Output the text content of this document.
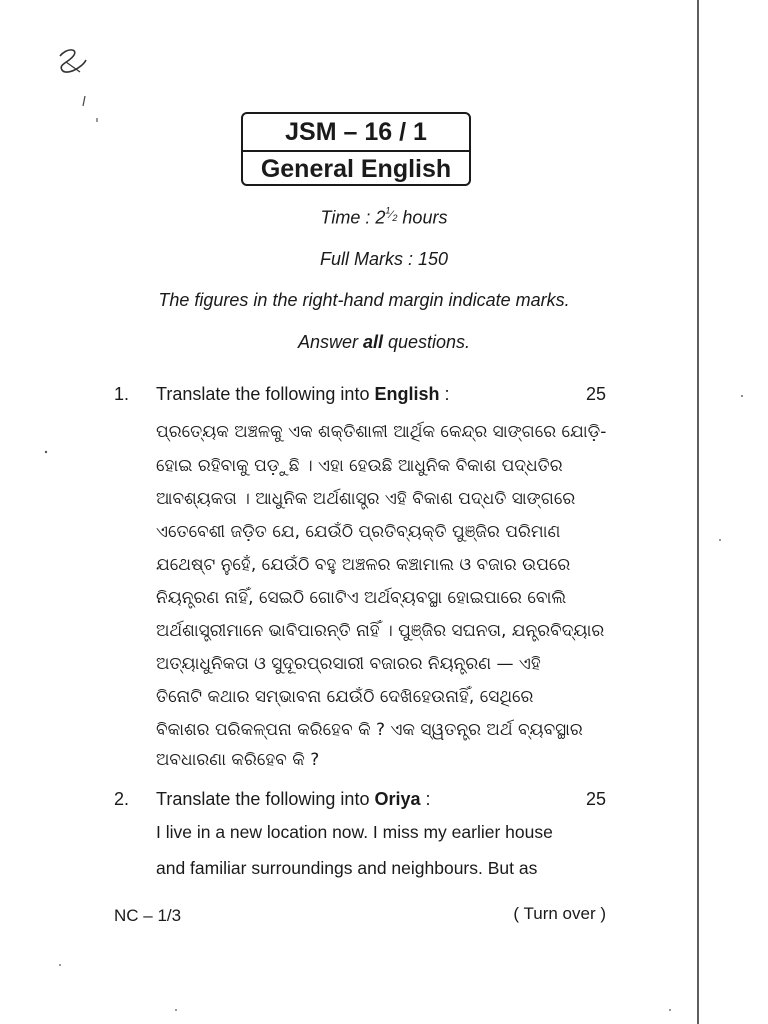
JSM – 16 / 1
General English
Time : $2^{^1⁄_2}$ hours
Full Marks : 150
The figures in the right-hand margin indicate marks.
Answer all questions.
1. Translate the following into English :	25
ପ୍ରତ୍ୟେକ ଅଞ୍ଚଳକୁ ଏକ ଶକ୍ତିଶାଳୀ ଆର୍ଥିକ କେନ୍ଦ୍ର ସାଙ୍ଗରେ ଯୋଡ଼ି-
ହୋଇ ରହିବାକୁ ପଡ଼ୁଛି । ଏହା ହେଉଛି ଆଧୁନିକ ବିକାଶ ପଦ୍ଧତିର
ଆବଶ୍ୟକତା । ଆଧୁନିକ ଅର୍ଥଶାସ୍ତ୍ର ଏହି ବିକାଶ ପଦ୍ଧତି ସାଙ୍ଗରେ
ଏତେବେଶୀ ଜଡ଼ିତ ଯେ, ଯେଉଁଠି ପ୍ରତିବ୍ୟକ୍ତି ପୁଞ୍ଜିର ପରିମାଣ
ଯଥେଷ୍ଟ ନୁହେଁ, ଯେଉଁଠି ବହୁ ଅଞ୍ଚଳର କଞ୍ଚାମାଲ ଓ ବଜାର ଉପରେ
ନିୟନ୍ତ୍ରଣ ନାହିଁ, ସେଇଠି ଗୋଟିଏ ଅର୍ଥବ୍ୟବସ୍ଥା ହୋଇପାରେ ବୋଲି
ଅର୍ଥଶାସ୍ତ୍ରୀମାନେ ଭାବିପାରନ୍ତି ନାହିଁ । ପୁଞ୍ଜିର ସଘନତା, ଯନ୍ତ୍ରବିଦ୍ୟାର
ଅତ୍ୟାଧୁନିକତା ଓ ସୁଦୂରପ୍ରସାରୀ ବଜାରର ନିୟନ୍ତ୍ରଣ — ଏହି
ତିନୋଟି କଥାର ସମ୍ଭାବନା ଯେଉଁଠି ଦେଖିହେଉନାହିଁ, ସେଥିରେ
ବିକାଶର ପରିକଳ୍ପନା କରିହେବ କି ? ଏକ ସ୍ୱତନ୍ତ୍ର ଅର୍ଥ ବ୍ୟବସ୍ଥାର
ଅବଧାରଣା କରିହେବ କି ?
2. Translate the following into Oriya :	25
I live in a new location now. I miss my earlier house
and familiar surroundings and neighbours. But as
NC – 1/3	( Turn over )
